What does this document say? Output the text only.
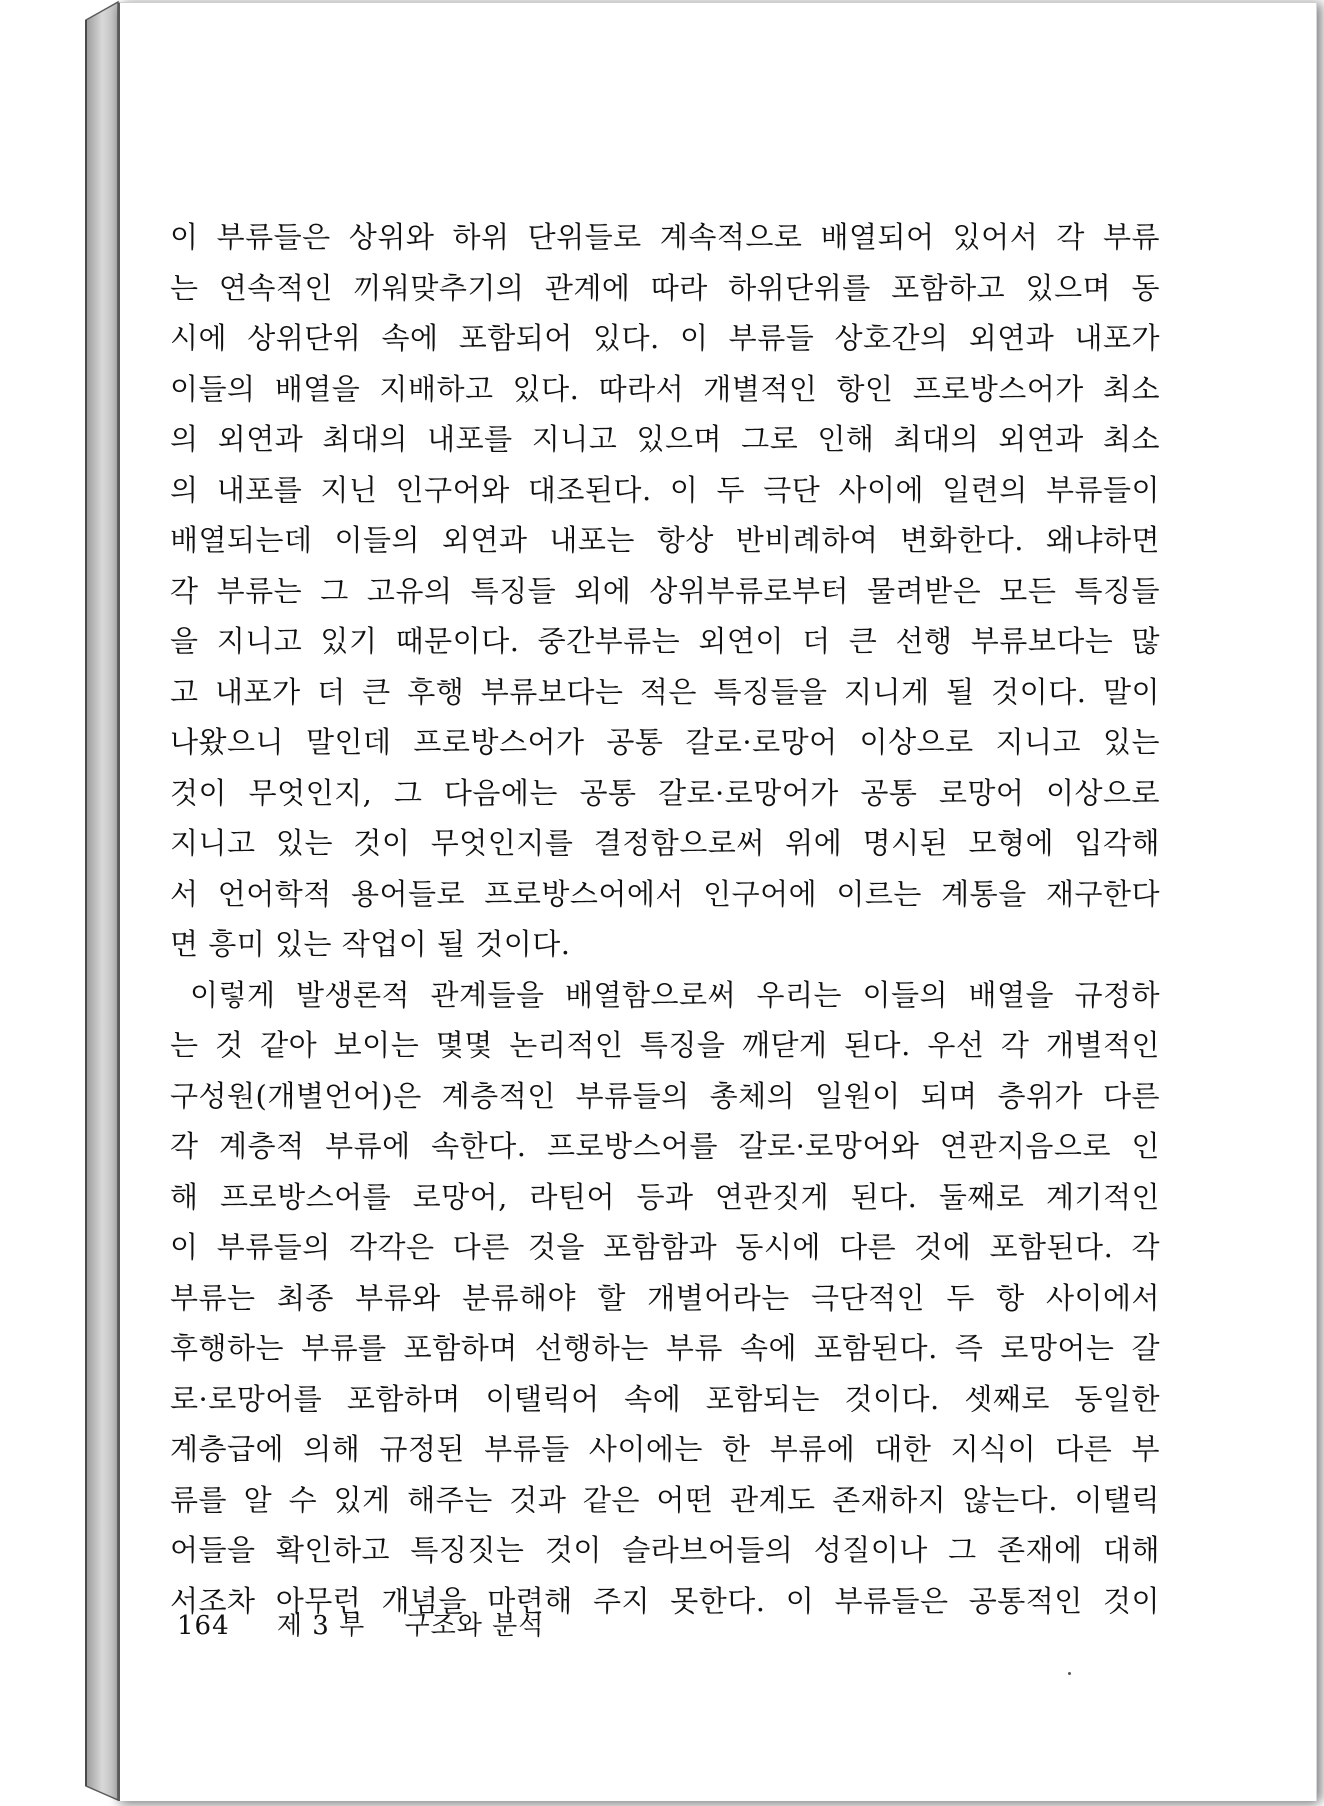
이 부류들은 상위와 하위 단위들로 계속적으로 배열되어 있어서 각 부류
는 연속적인 끼워맞추기의 관계에 따라 하위단위를 포함하고 있으며 동
시에 상위단위 속에 포함되어 있다. 이 부류들 상호간의 외연과 내포가
이들의 배열을 지배하고 있다. 따라서 개별적인 항인 프로방스어가 최소
의 외연과 최대의 내포를 지니고 있으며 그로 인해 최대의 외연과 최소
의 내포를 지닌 인구어와 대조된다. 이 두 극단 사이에 일련의 부류들이
배열되는데 이들의 외연과 내포는 항상 반비례하여 변화한다. 왜냐하면
각 부류는 그 고유의 특징들 외에 상위부류로부터 물려받은 모든 특징들
을 지니고 있기 때문이다. 중간부류는 외연이 더 큰 선행 부류보다는 많
고 내포가 더 큰 후행 부류보다는 적은 특징들을 지니게 될 것이다. 말이
나왔으니 말인데 프로방스어가 공통 갈로·로망어 이상으로 지니고 있는
것이 무엇인지, 그 다음에는 공통 갈로·로망어가 공통 로망어 이상으로
지니고 있는 것이 무엇인지를 결정함으로써 위에 명시된 모형에 입각해
서 언어학적 용어들로 프로방스어에서 인구어에 이르는 계통을 재구한다
면 흥미 있는 작업이 될 것이다.
이렇게 발생론적 관계들을 배열함으로써 우리는 이들의 배열을 규정하
는 것 같아 보이는 몇몇 논리적인 특징을 깨닫게 된다. 우선 각 개별적인
구성원(개별언어)은 계층적인 부류들의 총체의 일원이 되며 층위가 다른
각 계층적 부류에 속한다. 프로방스어를 갈로·로망어와 연관지음으로 인
해 프로방스어를 로망어, 라틴어 등과 연관짓게 된다. 둘째로 계기적인
이 부류들의 각각은 다른 것을 포함함과 동시에 다른 것에 포함된다. 각
부류는 최종 부류와 분류해야 할 개별어라는 극단적인 두 항 사이에서
후행하는 부류를 포함하며 선행하는 부류 속에 포함된다. 즉 로망어는 갈
로·로망어를 포함하며 이탤릭어 속에 포함되는 것이다. 셋째로 동일한
계층급에 의해 규정된 부류들 사이에는 한 부류에 대한 지식이 다른 부
류를 알 수 있게 해주는 것과 같은 어떤 관계도 존재하지 않는다. 이탤릭
어들을 확인하고 특징짓는 것이 슬라브어들의 성질이나 그 존재에 대해
서조차 아무런 개념을 마련해 주지 못한다. 이 부류들은 공통적인 것이
164 제 3 부 구조와 분석
